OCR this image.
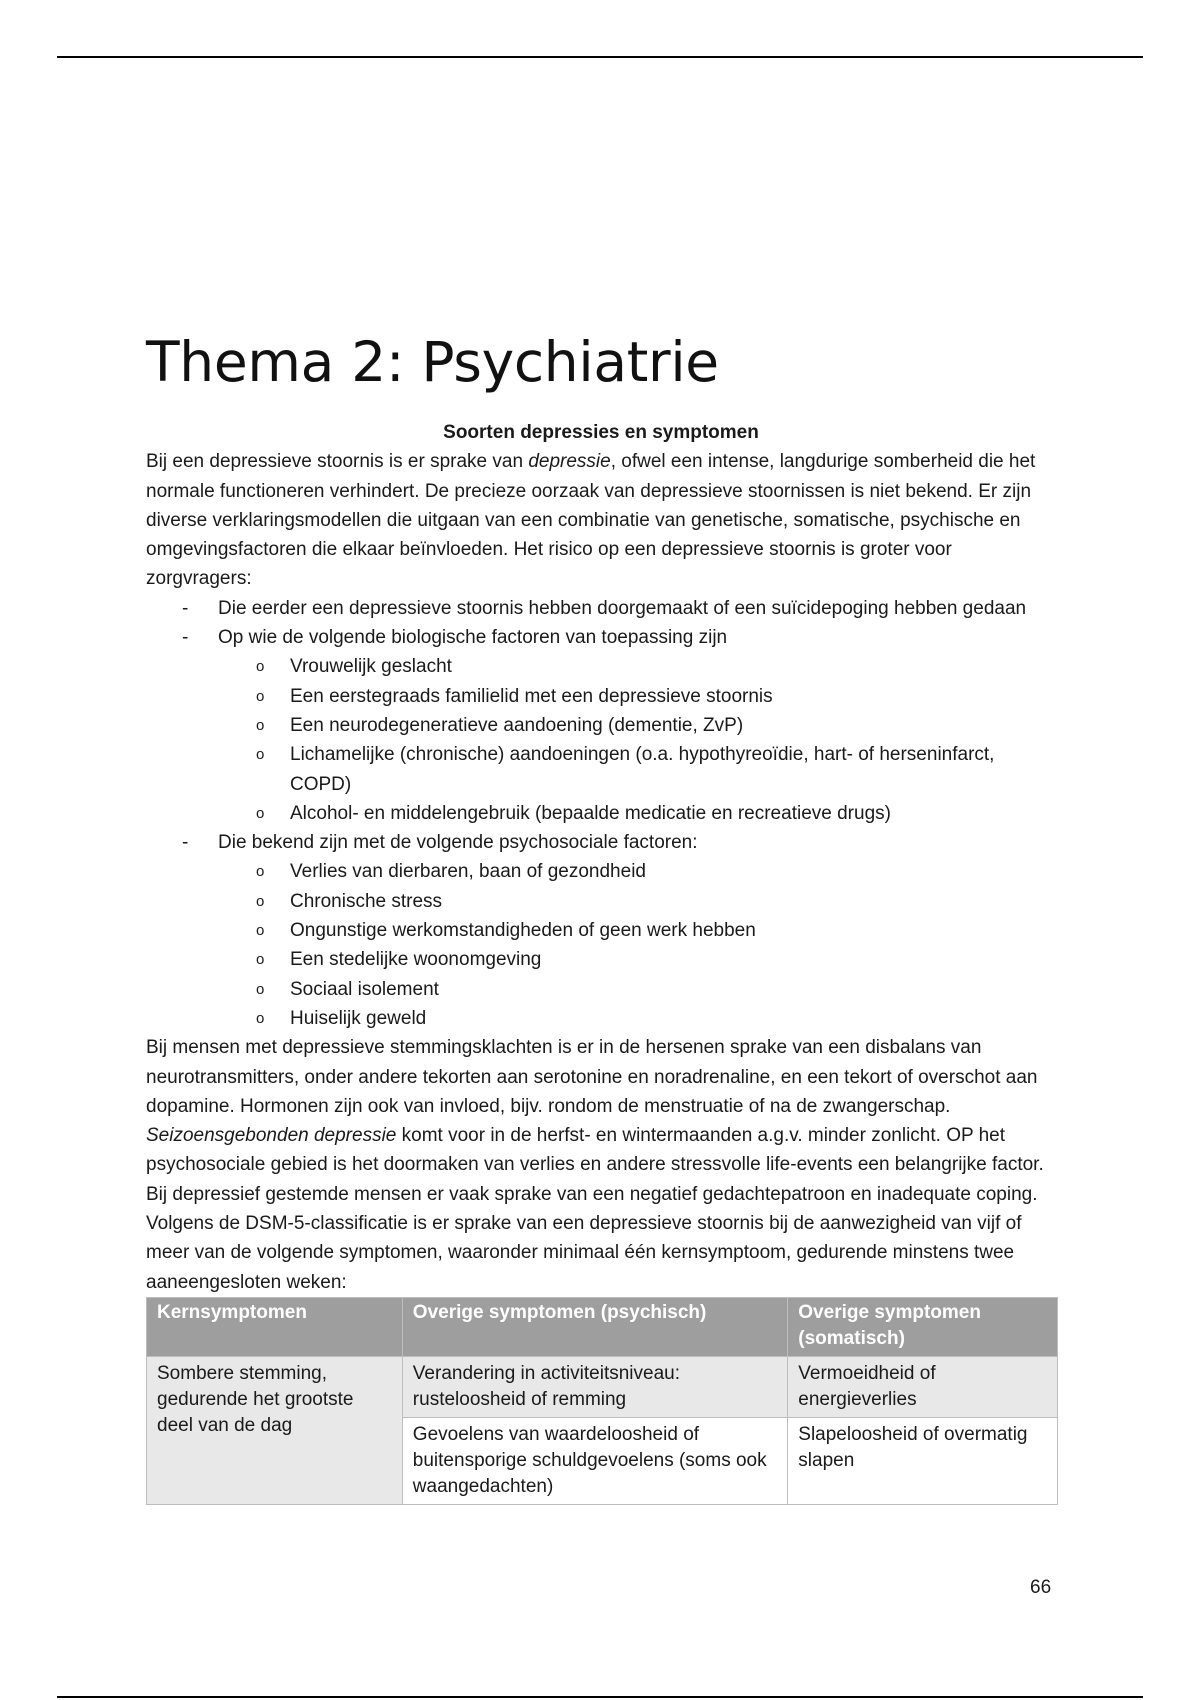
Thema 2: Psychiatrie

Soorten depressies en symptomen

Bij een depressieve stoornis is er sprake van depressie, ofwel een intense, langdurige somberheid die het normale functioneren verhindert. De precieze oorzaak van depressieve stoornissen is niet bekend. Er zijn diverse verklaringsmodellen die uitgaan van een combinatie van genetische, somatische, psychische en omgevingsfactoren die elkaar beïnvloeden. Het risico op een depressieve stoornis is groter voor zorgvragers:

- Die eerder een depressieve stoornis hebben doorgemaakt of een suïcidepoging hebben gedaan
- Op wie de volgende biologische factoren van toepassing zijn
o Vrouwelijk geslacht
o Een eerstegraads familielid met een depressieve stoornis
o Een neurodegeneratieve aandoening (dementie, ZvP)
o Lichamelijke (chronische) aandoeningen (o.a. hypothyreoïdie, hart- of herseninfarct, COPD)
o Alcohol- en middelengebruik (bepaalde medicatie en recreatieve drugs)
- Die bekend zijn met de volgende psychosociale factoren:
o Verlies van dierbaren, baan of gezondheid
o Chronische stress
o Ongunstige werkomstandigheden of geen werk hebben
o Een stedelijke woonomgeving
o Sociaal isolement
o Huiselijk geweld

Bij mensen met depressieve stemmingsklachten is er in de hersenen sprake van een disbalans van neurotransmitters, onder andere tekorten aan serotonine en noradrenaline, en een tekort of overschot aan dopamine. Hormonen zijn ook van invloed, bijv. rondom de menstruatie of na de zwangerschap. Seizoensgebonden depressie komt voor in de herfst- en wintermaanden a.g.v. minder zonlicht. OP het psychosociale gebied is het doormaken van verlies en andere stressvolle life-events een belangrijke factor. Bij depressief gestemde mensen er vaak sprake van een negatief gedachtepatroon en inadequate coping. Volgens de DSM-5-classificatie is er sprake van een depressieve stoornis bij de aanwezigheid van vijf of meer van de volgende symptomen, waaronder minimaal één kernsymptoom, gedurende minstens twee aaneengesloten weken:

Kernsymptomen	Overige symptomen (psychisch)	Overige symptomen (somatisch)
Sombere stemming, gedurende het grootste deel van de dag	Verandering in activiteitsniveau: rusteloosheid of remming	Vermoeidheid of energieverlies
	Gevoelens van waardeloosheid of buitensporige schuldgevoelens (soms ook waangedachten)	Slapeloosheid of overmatig slapen
66
